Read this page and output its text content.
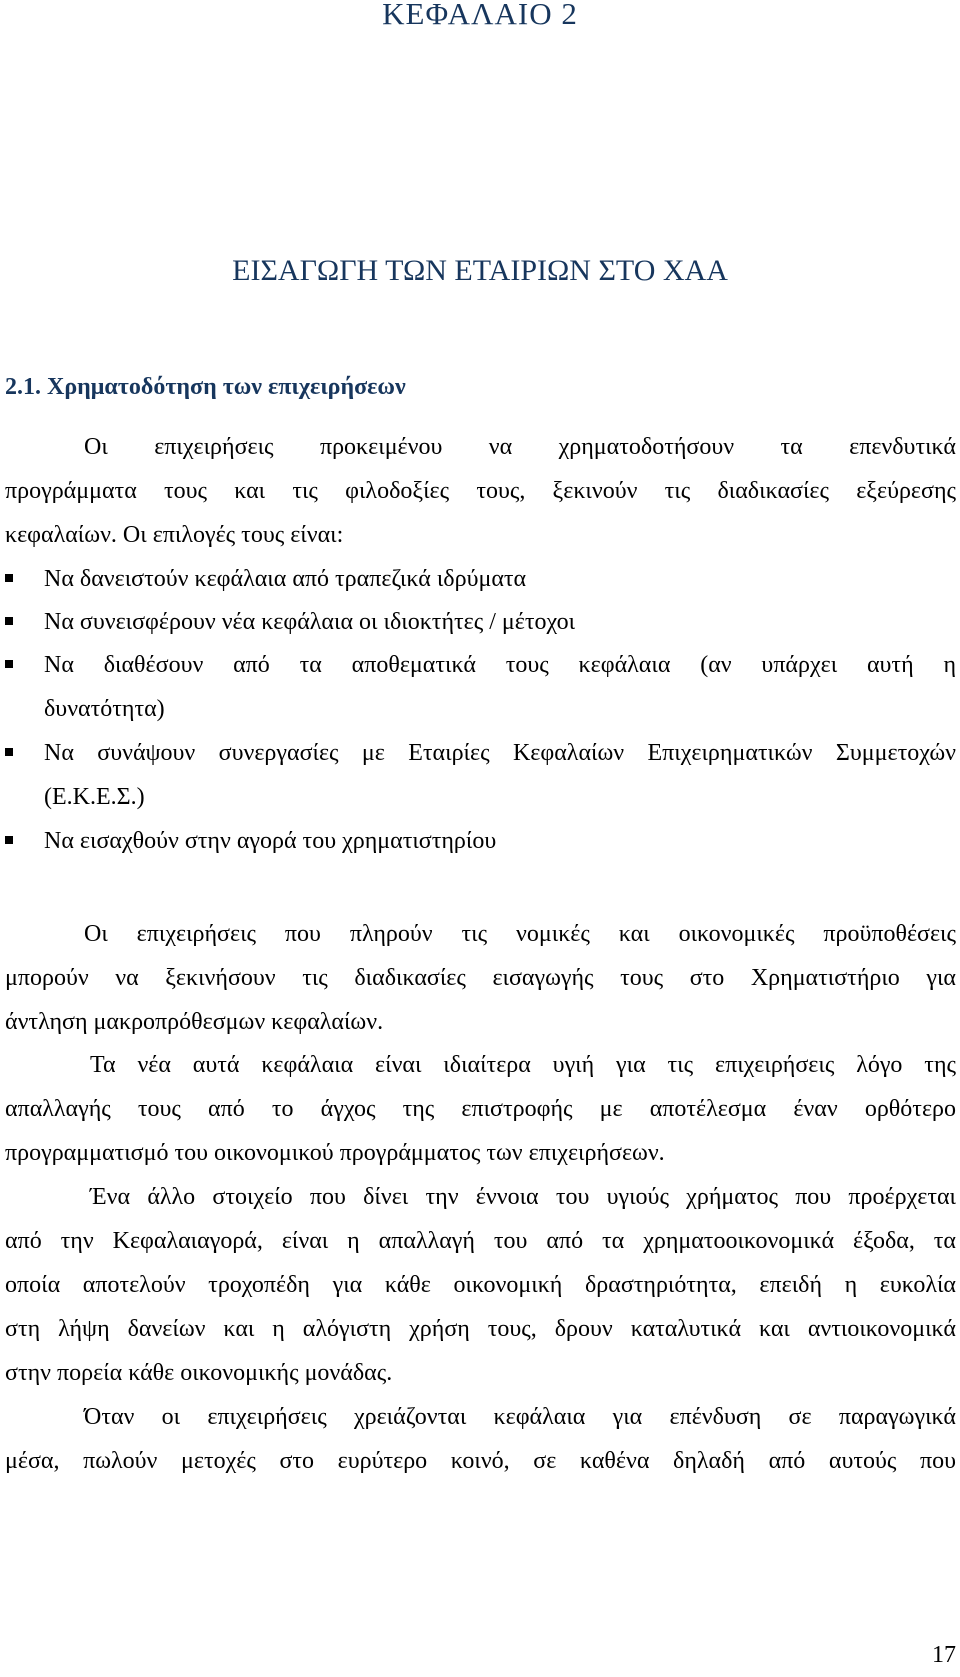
ΚΕΦΑΛΑΙΟ 2
ΕΙΣΑΓΩΓΗ ΤΩΝ ΕΤΑΙΡΙΩΝ ΣΤΟ ΧΑΑ
2.1. Χρηματοδότηση των επιχειρήσεων
Οι επιχειρήσεις προκειμένου να χρηματοδοτήσουν τα επενδυτικά
προγράμματα τους και τις φιλοδοξίες τους, ξεκινούν τις διαδικασίες εξεύρεσης
κεφαλαίων. Οι επιλογές τους είναι:
Να δανειστούν κεφάλαια από τραπεζικά ιδρύματα
Να συνεισφέρουν νέα κεφάλαια οι ιδιοκτήτες / μέτοχοι
Να διαθέσουν από τα αποθεματικά τους κεφάλαια (αν υπάρχει αυτή η
δυνατότητα)
Να συνάψουν συνεργασίες με Εταιρίες Κεφαλαίων Επιχειρηματικών Συμμετοχών
(Ε.Κ.Ε.Σ.)
Να εισαχθούν στην αγορά του χρηματιστηρίου
Οι επιχειρήσεις που πληρούν τις νομικές και οικονομικές προϋποθέσεις
μπορούν να ξεκινήσουν τις διαδικασίες εισαγωγής τους στο Χρηματιστήριο για
άντληση μακροπρόθεσμων κεφαλαίων.
Τα νέα αυτά κεφάλαια είναι ιδιαίτερα υγιή για τις επιχειρήσεις λόγο της
απαλλαγής τους από το άγχος της επιστροφής με αποτέλεσμα έναν ορθότερο
προγραμματισμό του οικονομικού προγράμματος των επιχειρήσεων.
Ένα άλλο στοιχείο που δίνει την έννοια του υγιούς χρήματος που προέρχεται
από την Κεφαλαιαγορά, είναι η απαλλαγή του από τα χρηματοοικονομικά έξοδα, τα
οποία αποτελούν τροχοπέδη για κάθε οικονομική δραστηριότητα, επειδή η ευκολία
στη λήψη δανείων και η αλόγιστη χρήση τους, δρουν καταλυτικά και αντιοικονομικά
στην πορεία κάθε οικονομικής μονάδας.
Όταν οι επιχειρήσεις χρειάζονται κεφάλαια για επένδυση σε παραγωγικά
μέσα, πωλούν μετοχές στο ευρύτερο κοινό, σε καθένα δηλαδή από αυτούς που
17
